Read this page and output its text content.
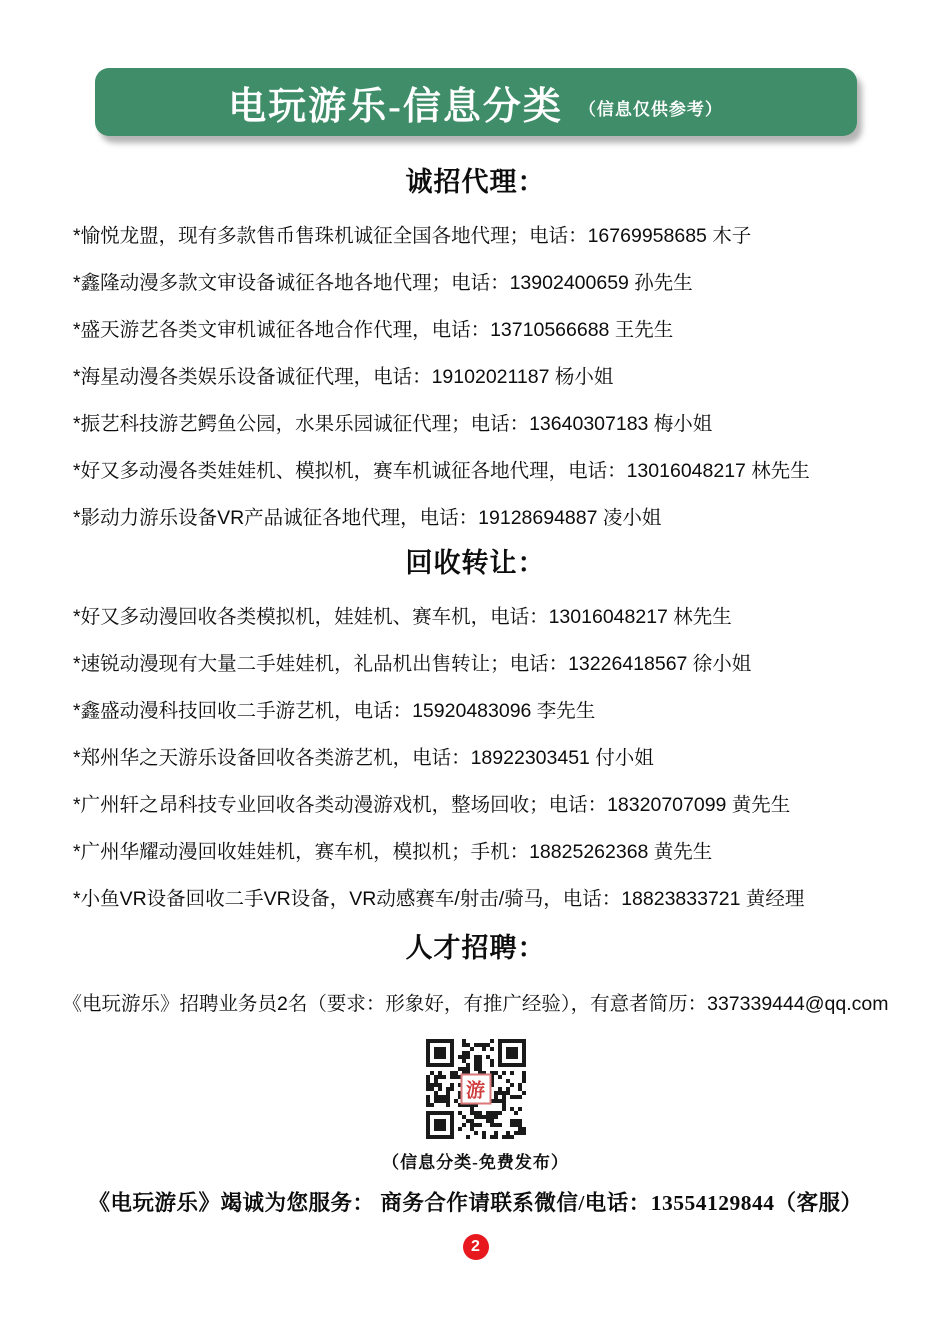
电玩游乐-信息分类 （信息仅供参考）
诚招代理：

*愉悦龙盟，现有多款售币售珠机诚征全国各地代理；电话：16769958685 木子

*鑫隆动漫多款文审设备诚征各地各地代理；电话：13902400659 孙先生

*盛天游艺各类文审机诚征各地合作代理，电话：13710566688 王先生

*海星动漫各类娱乐设备诚征代理，电话：19102021187 杨小姐

*振艺科技游艺鳄鱼公园，水果乐园诚征代理；电话：13640307183 梅小姐

*好又多动漫各类娃娃机、模拟机，赛车机诚征各地代理，电话：13016048217 林先生

*影动力游乐设备VR产品诚征各地代理，电话：19128694887 凌小姐

回收转让：

*好又多动漫回收各类模拟机，娃娃机、赛车机，电话：13016048217 林先生

*速锐动漫现有大量二手娃娃机，礼品机出售转让；电话：13226418567 徐小姐

*鑫盛动漫科技回收二手游艺机，电话：15920483096 李先生

*郑州华之天游乐设备回收各类游艺机，电话：18922303451 付小姐

*广州轩之昂科技专业回收各类动漫游戏机，整场回收；电话：18320707099 黄先生

*广州华耀动漫回收娃娃机，赛车机，模拟机；手机：18825262368 黄先生

*小鱼VR设备回收二手VR设备，VR动感赛车/射击/骑马，电话：18823833721 黄经理

人才招聘：

《电玩游乐》招聘业务员2名（要求：形象好，有推广经验），有意者简历：337339444@qq.com

游
（信息分类-免费发布）
《电玩游乐》竭诚为您服务： 商务合作请联系微信/电话：13554129844（客服）
2
